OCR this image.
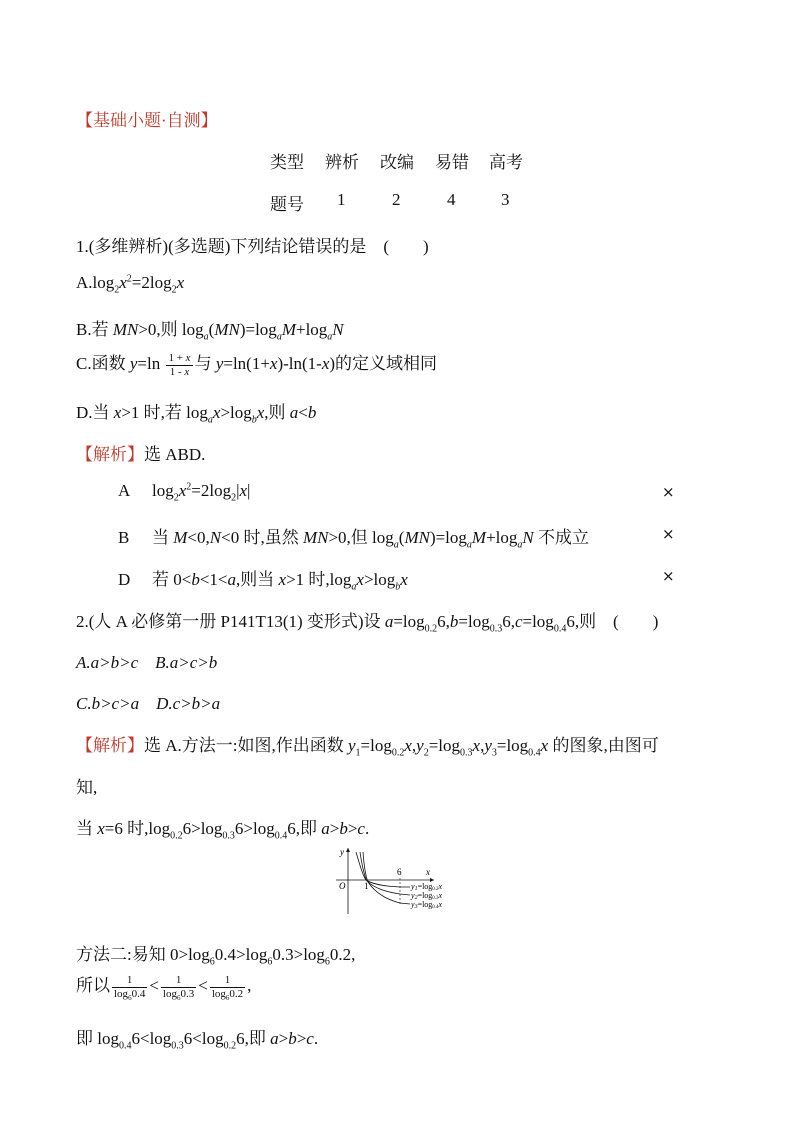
【基础小题·自测】
类型 辨析 改编 易错 高考
题号 1	2	4	3
1.(多维辨析)(多选题)下列结论错误的是　(　　)
$A.\log_2x^2=2\log_2x$
B.若 MN>0,则 $\log_a(MN)=\log_aM+\log_aN$
C.函数 $y=\ln \frac{1 + x}{1 - x}$ 与 y=ln(1+x)-ln(1-x)的定义域相同
D.当 x>1 时,若 $\log_ax>\log_bx$,则 a<b
【解析】选 ABD.
A $\log_2x^2=2\log_2|x|$	×
B 当 M<0,N<0 时,虽然 MN>0,但 $\log_a(MN)=\log_aM+\log_aN$ 不成立	×
D 若 0<b<1<a,则当 x>1 时$,\log_ax>\log_bx$	×
2.(人 A 必修第一册 P141T13(1) 变形式)设 $a=\log_{0.2}6,b=\log_{0.3}6,c=\log_{0.4}6$,则　(　　)
A.a>b>c　B.a>c>b
C.b>c>a　D.c>b>a
【解析】选 A.方法一:如图,作出函数 $y_1=\log_{0.2}x,y_2=\log_{0.3}x,y_3=\log_{0.4}x$ 的图象,由图可
知,
当 x=6 时$,\log_{0.2}6>\log_{0.3}6>\log_{0.4}6$,即 a>b>c.
y
x
O 1
6
y1=log0.2x
y2=log0.3x
y3=log0.4x
方法二:易知 $0>\log_60.4>\log_60.3>\log_60.2$,
所以 $\frac{1}{\log_60.4} < \frac{1}{\log_60.3} < \frac{1}{\log_60.2}$ ,
即 $\log_{0.4}6<\log_{0.3}6<\log_{0.2}6$,即 a>b>c.
